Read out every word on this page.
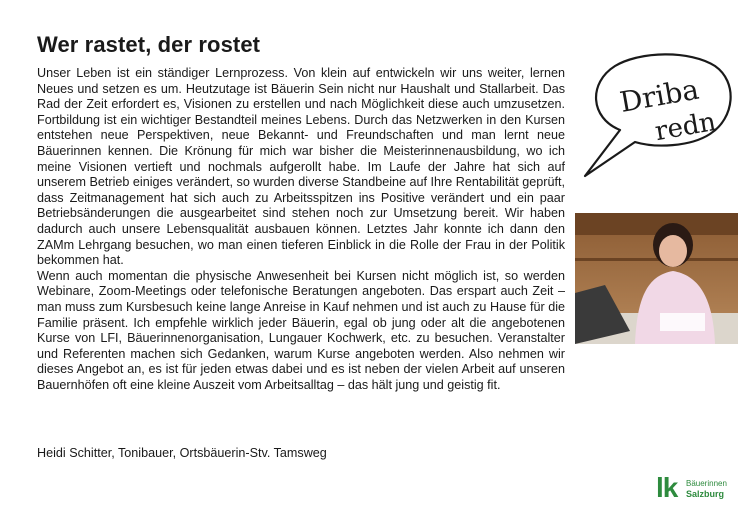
Wer rastet, der rostet

Unser Leben ist ein ständiger Lernprozess. Von klein auf entwickeln wir uns weiter, lernen Neues und setzen es um. Heutzutage ist Bäuerin Sein nicht nur Haushalt und Stallarbeit. Das Rad der Zeit erfordert es, Visionen zu erstellen und nach Möglichkeit diese auch umzusetzen. Fortbildung ist ein wichtiger Bestandteil meines Lebens. Durch das Netzwerken in den Kursen entstehen neue Perspektiven, neue Bekannt- und Freundschaften und man lernt neue Bäuerinnen kennen. Die Krönung für mich war bisher die Meisterinnenausbildung, wo ich meine Visionen vertieft und nochmals aufgerollt habe. Im Laufe der Jahre hat sich auf unserem Betrieb einiges verändert, so wurden diverse Standbeine auf Ihre Rentabilität geprüft, dass Zeitmanagement hat sich auch zu Arbeitsspitzen ins Positive verändert und ein paar Betriebsänderungen die ausgearbeitet sind stehen noch zur Umsetzung bereit. Wir haben dadurch auch unsere Lebensqualität ausbauen können. Letztes Jahr konnte ich dann den ZAMm Lehrgang besuchen, wo man einen tieferen Einblick in die Rolle der Frau in der Politik bekommen hat.

Wenn auch momentan die physische Anwesenheit bei Kursen nicht möglich ist, so werden Webinare, Zoom-Meetings oder telefonische Beratungen angeboten. Das erspart auch Zeit – man muss zum Kursbesuch keine lange Anreise in Kauf nehmen und ist auch zu Hause für die Familie präsent. Ich empfehle wirklich jeder Bäuerin, egal ob jung oder alt die angebotenen Kurse von LFI, Bäuerinnenorganisation, Lungauer Kochwerk, etc. zu besuchen. Veranstalter und Referenten machen sich Gedanken, warum Kurse angeboten werden. Also nehmen wir dieses Angebot an, es ist für jeden etwas dabei und es ist neben der vielen Arbeit auf unseren Bauernhöfen oft eine kleine Auszeit vom Arbeitsalltag – das hält jung und geistig fit.

Heidi Schitter, Tonibauer, Ortsbäuerin-Stv. Tamsweg
Driba
redn
lk Bäuerinnen
Salzburg
